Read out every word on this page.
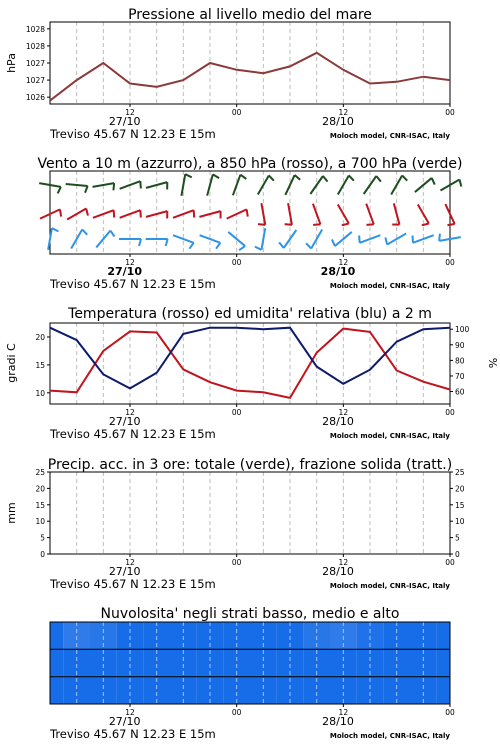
Pressione al livello medio del mare
1026
1027
1027
1028
1028
hPa
12	00	12	00
27/10	28/10
Treviso 45.67 N 12.23 E 15m	Moloch model, CNR-ISAC, Italy
Vento a 10 m (azzurro), a 850 hPa (rosso), a 700 hPa (verde)
12	00	12	00
27/10	28/10
Treviso 45.67 N 12.23 E 15m	Moloch model, CNR-ISAC, Italy
Temperatura (rosso) ed umidita' relativa (blu) a 2 m
10
15
20
60
70
80
90
100
gradi C	%
12	00	12	00
27/10	28/10
Treviso 45.67 N 12.23 E 15m	Moloch model, CNR-ISAC, Italy
Precip. acc. in 3 ore: totale (verde), frazione solida (tratt.)
0
5
10
15
20
25
0
5
10
15
20
25
mm
12	00	12	00
27/10	28/10
Treviso 45.67 N 12.23 E 15m	Moloch model, CNR-ISAC, Italy
Nuvolosita' negli strati basso, medio e alto
12	00	12	00
27/10	28/10
Treviso 45.67 N 12.23 E 15m	Moloch model, CNR-ISAC, Italy
